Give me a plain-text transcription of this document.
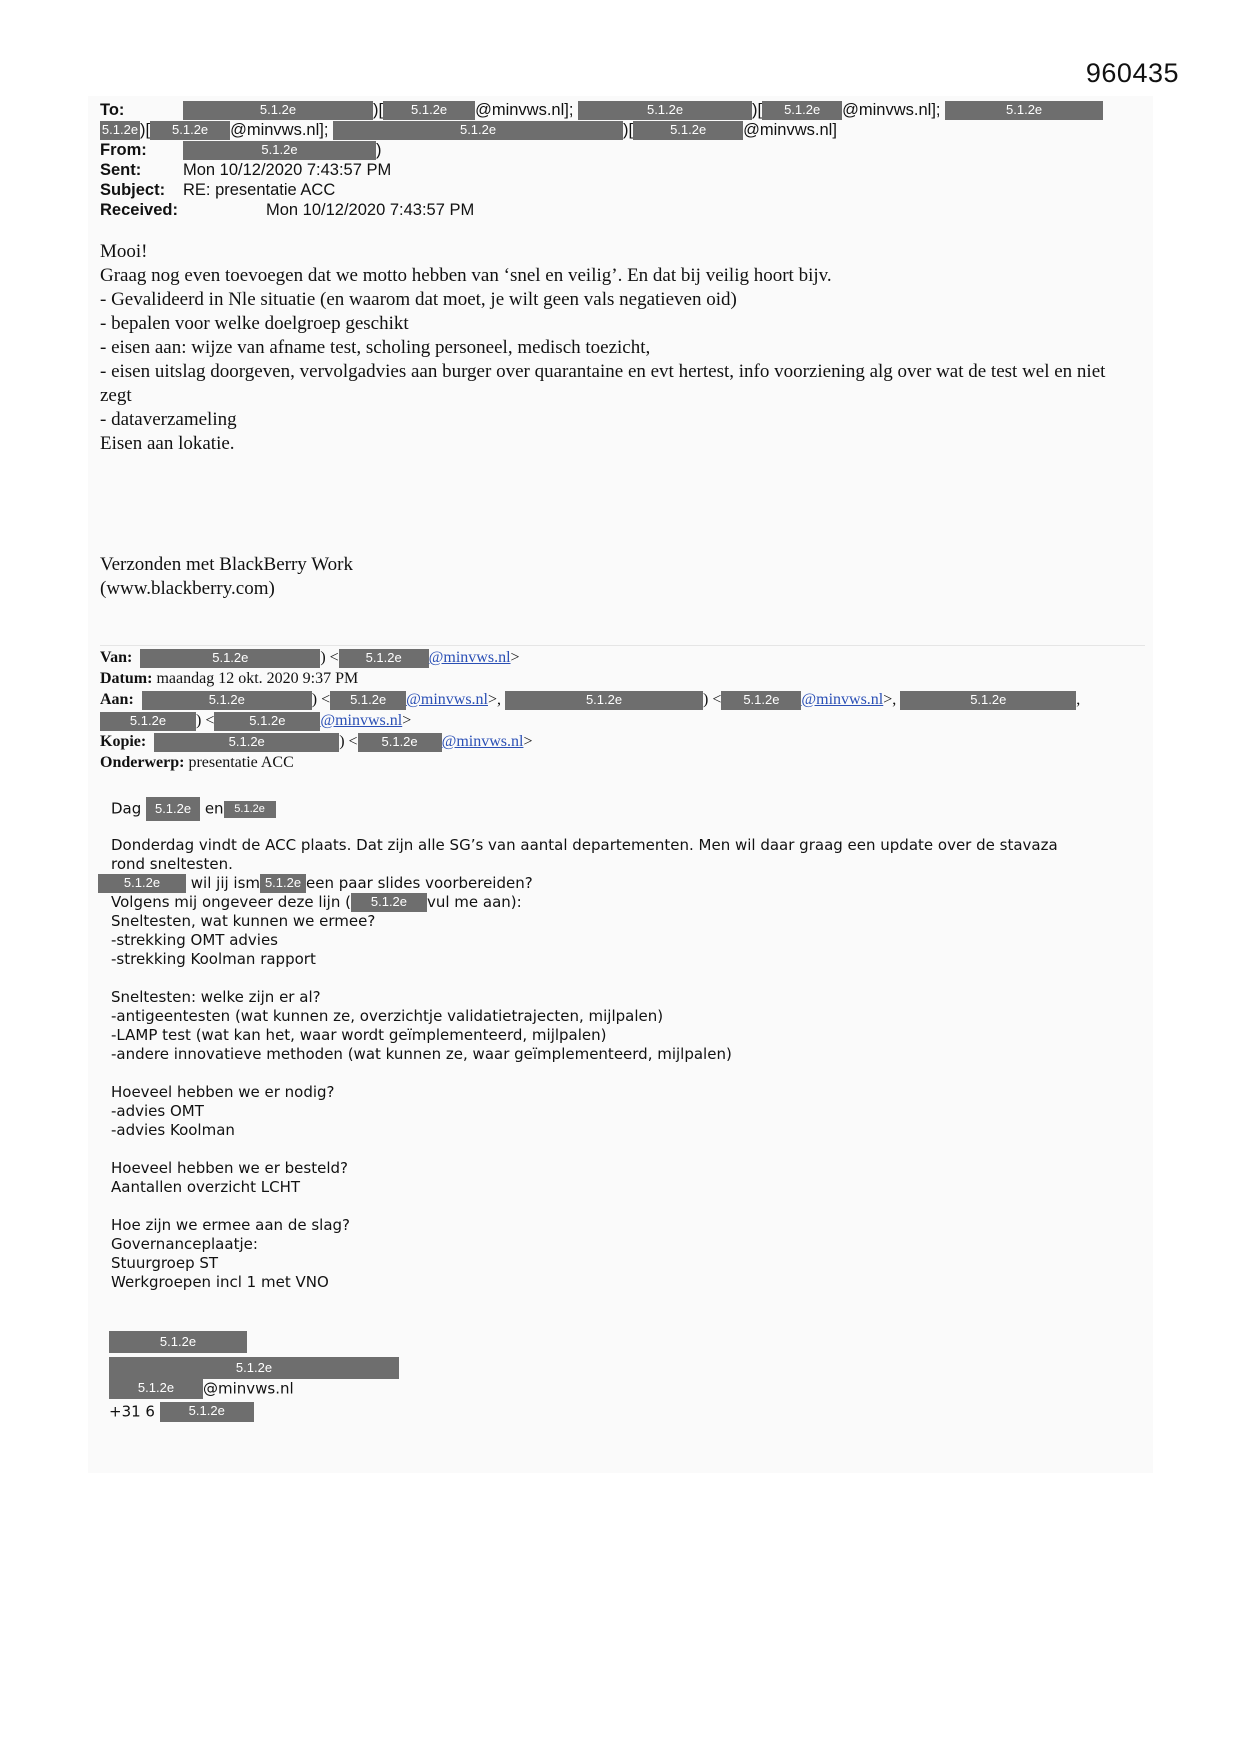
960435
To:	5.1.2e	)[ 5.1.2e @minvws.nl];	5.1.2e	)[ 5.1.2e @minvws.nl];	5.1.2e
5.1.2e )[ 5.1.2e @minvws.nl];	5.1.2e	)[	5.1.2e @minvws.nl]
From:	5.1.2e	)
Sent:	Mon 10/12/2020 7:43:57 PM
Subject: RE: presentatie ACC
Received:	Mon 10/12/2020 7:43:57 PM

Mooi!

Graag nog even toevoegen dat we motto hebben van ‘snel en veilig’. En dat bij veilig hoort bijv.

- Gevalideerd in Nle situatie (en waarom dat moet, je wilt geen vals negatieven oid)

- bepalen voor welke doelgroep geschikt

- eisen aan: wijze van afname test, scholing personeel, medisch toezicht,

- eisen uitslag doorgeven, vervolgadvies aan burger over quarantaine en evt hertest, info voorziening alg over wat de test wel en niet zegt

- dataverzameling

Eisen aan lokatie.

Verzonden met BlackBerry Work
(www.blackberry.com)
Van:	5.1.2e	) < 5.1.2e @minvws.nl>
Datum: maandag 12 okt. 2020 9:37 PM
Aan:	5.1.2e	) < 5.1.2e @minvws.nl>,	5.1.2e	) < 5.1.2e @minvws.nl>,	5.1.2e	,
5.1.2e ) <	5.1.2e @minvws.nl>
Kopie:	5.1.2e	) < 5.1.2e @minvws.nl>
Onderwerp: presentatie ACC
Dag 5.1.2e en 5.1.2e
Donderdag vindt de ACC plaats. Dat zijn alle SG’s van aantal departementen. Men wil daar graag een update over de stavaza
rond sneltesten.
5.1.2e wil jij ism 5.1.2e een paar slides voorbereiden?
Volgens mij ongeveer deze lijn ( 5.1.2e vul me aan):

Sneltesten, wat kunnen we ermee?

-strekking OMT advies

-strekking Koolman rapport

Sneltesten: welke zijn er al?

-antigeentesten (wat kunnen ze, overzichtje validatietrajecten, mijlpalen)

-LAMP test (wat kan het, waar wordt geïmplementeerd, mijlpalen)

-andere innovatieve methoden (wat kunnen ze, waar geïmplementeerd, mijlpalen)

Hoeveel hebben we er nodig?

-advies OMT

-advies Koolman

Hoeveel hebben we er besteld?

Aantallen overzicht LCHT

Hoe zijn we ermee aan de slag?

Governanceplaatje:

Stuurgroep ST

Werkgroepen incl 1 met VNO

5.1.2e
5.1.2e
5.1.2e @minvws.nl
+31 6	5.1.2e
